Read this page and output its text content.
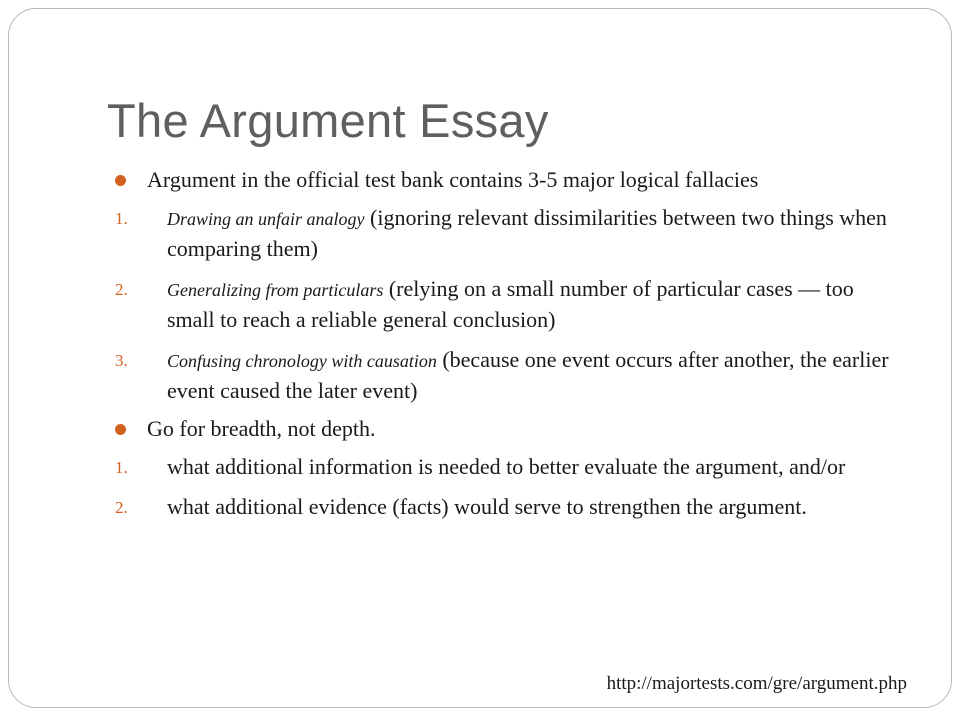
The Argument Essay
Argument in the official test bank contains 3-5 major logical fallacies
1. Drawing an unfair analogy (ignoring relevant dissimilarities between two things when comparing them)
2. Generalizing from particulars (relying on a small number of particular cases — too small to reach a reliable general conclusion)
3. Confusing chronology with causation (because one event occurs after another, the earlier event caused the later event)
Go for breadth, not depth.
1. what additional information is needed to better evaluate the argument, and/or
2. what additional evidence (facts) would serve to strengthen the argument.
http://majortests.com/gre/argument.php
